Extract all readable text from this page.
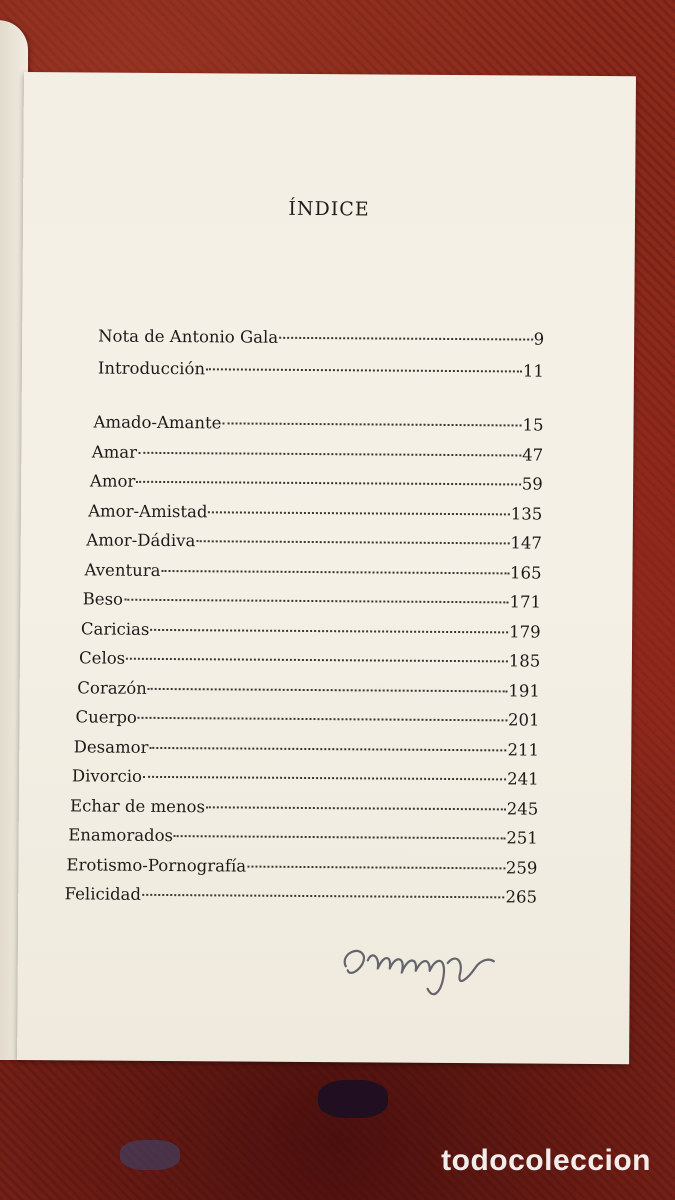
ÍNDICE
Nota de Antonio Gala	9
Introducción	11
Amado-Amante	15
Amar	47
Amor	59
Amor-Amistad	135
Amor-Dádiva	147
Aventura	165
Beso	171
Caricias	179
Celos	185
Corazón	191
Cuerpo	201
Desamor	211
Divorcio	241
Echar de menos	245
Enamorados	251
Erotismo-Pornografía	259
Felicidad	265
todocoleccion
